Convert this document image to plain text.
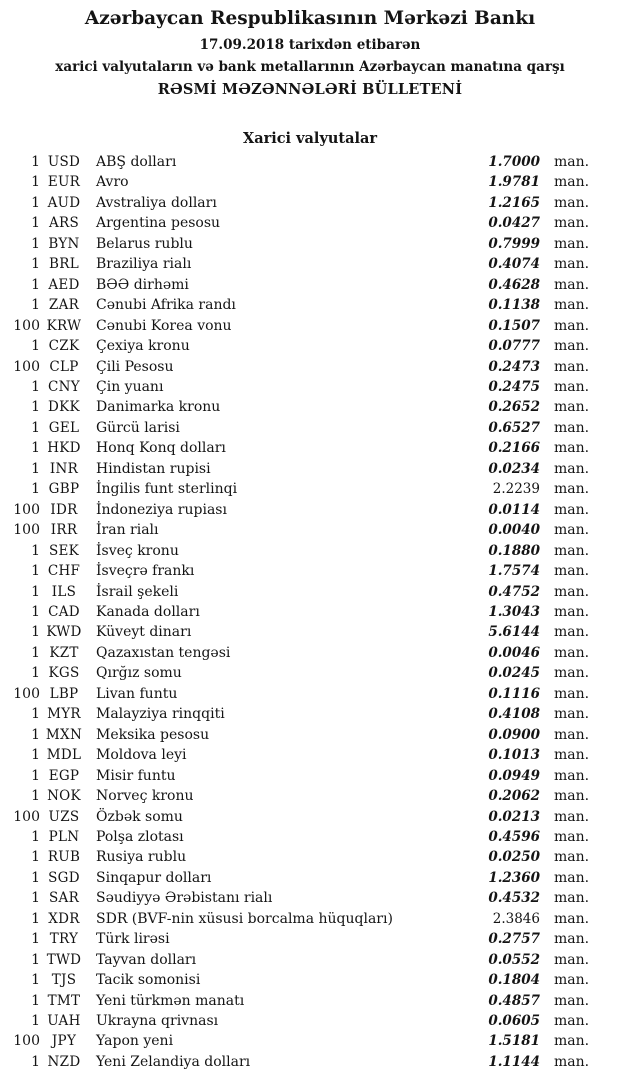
Azərbaycan Respublikasının Mərkəzi Bankı
17.09.2018 tarixdən etibarən
xarici valyutaların və bank metallarının Azərbaycan manatına qarşı
RƏSMİ MƏZƏNNƏLƏRİ BÜLLETENİ
Xarici valyutalar
1 USD	ABŞ dolları	1.7000	man.
1 EUR	Avro	1.9781	man.
1 AUD	Avstraliya dolları	1.2165	man.
1 ARS	Argentina pesosu	0.0427	man.
1 BYN	Belarus rublu	0.7999	man.
1 BRL	Braziliya rialı	0.4074	man.
1 AED	BƏƏ dirhəmi	0.4628	man.
1 ZAR	Cənubi Afrika randı	0.1138	man.
100 KRW	Cənubi Korea vonu	0.1507	man.
1 CZK	Çexiya kronu	0.0777	man.
100 CLP	Çili Pesosu	0.2473	man.
1 CNY	Çin yuanı	0.2475	man.
1 DKK	Danimarka kronu	0.2652	man.
1 GEL	Gürcü larisi	0.6527	man.
1 HKD	Honq Konq dolları	0.2166	man.
1 INR	Hindistan rupisi	0.0234	man.
1 GBP	İngilis funt sterlinqi	2.2239	man.
100 IDR	İndoneziya rupiası	0.0114	man.
100 IRR	İran rialı	0.0040	man.
1 SEK	İsveç kronu	0.1880	man.
1 CHF	İsveçrə frankı	1.7574	man.
1 ILS	İsrail şekeli	0.4752	man.
1 CAD	Kanada dolları	1.3043	man.
1 KWD	Küveyt dinarı	5.6144	man.
1 KZT	Qazaxıstan tengəsi	0.0046	man.
1 KGS	Qırğız somu	0.0245	man.
100 LBP	Livan funtu	0.1116	man.
1 MYR	Malayziya rinqqiti	0.4108	man.
1 MXN Meksika pesosu	0.0900	man.
1 MDL	Moldova leyi	0.1013	man.
1 EGP	Misir funtu	0.0949	man.
1 NOK	Norveç kronu	0.2062	man.
100 UZS	Özbək somu	0.0213	man.
1 PLN	Polşa zlotası	0.4596	man.
1 RUB	Rusiya rublu	0.0250	man.
1 SGD	Sinqapur dolları	1.2360	man.
1 SAR	Səudiyyə Ərəbistanı rialı	0.4532	man.
1 XDR	SDR (BVF-nin xüsusi borcalma hüquqları)	2.3846	man.
1 TRY	Türk lirəsi	0.2757	man.
1 TWD	Tayvan dolları	0.0552	man.
1 TJS	Tacik somonisi	0.1804	man.
1 TMT	Yeni türkmən manatı	0.4857	man.
1 UAH	Ukrayna qrivnası	0.0605	man.
100 JPY	Yapon yeni	1.5181	man.
1 NZD	Yeni Zelandiya dolları	1.1144	man.
